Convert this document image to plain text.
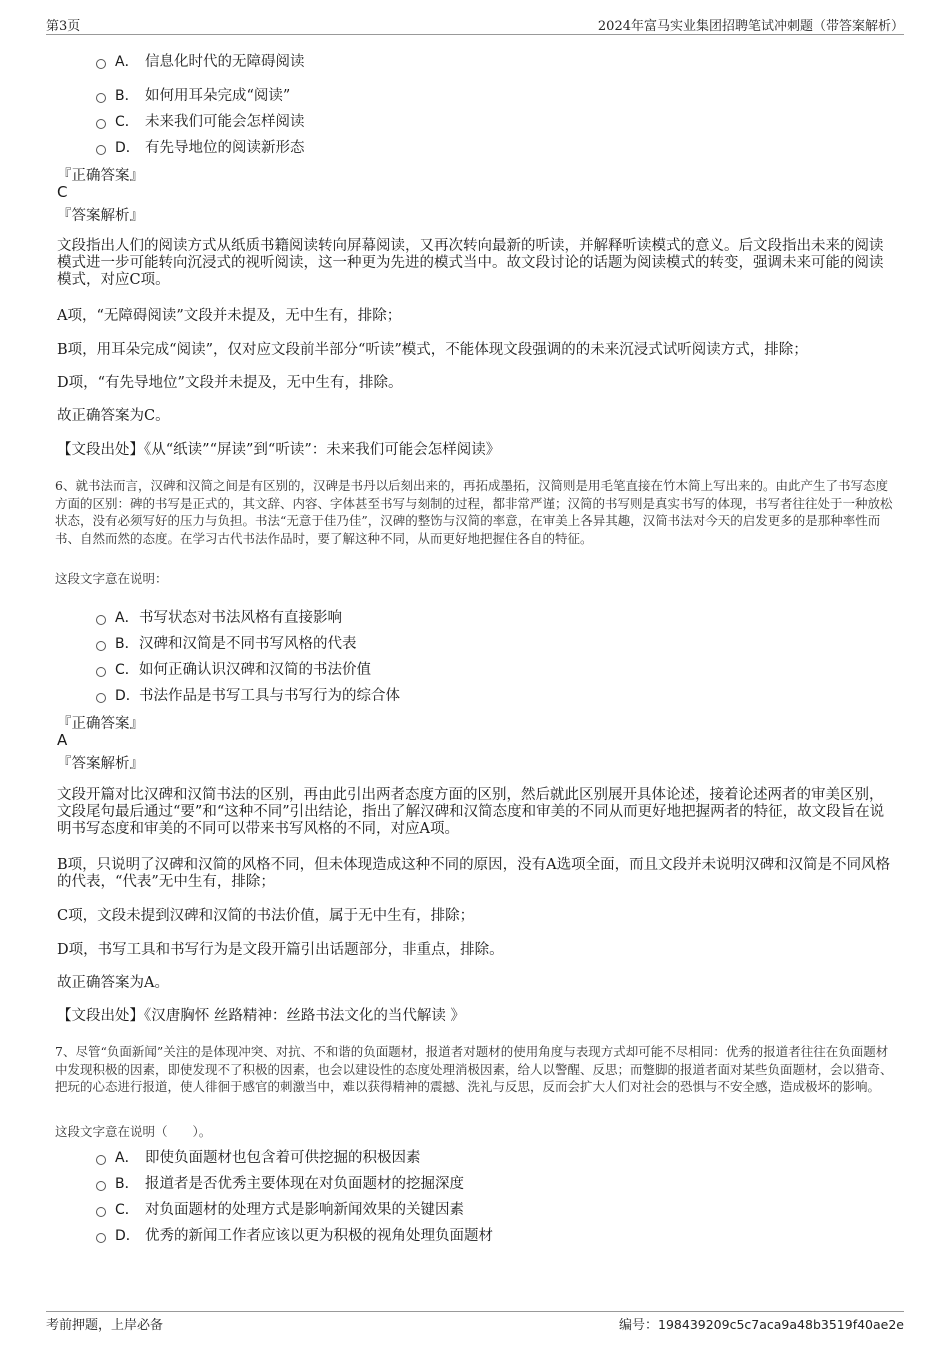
第3页	2024年富马实业集团招聘笔试冲刺题（带答案解析）
A． 信息化时代的无障碍阅读
B． 如何用耳朵完成“阅读”
C． 未来我们可能会怎样阅读
D． 有先导地位的阅读新形态
『正确答案』
C
『答案解析』
文段指出人们的阅读方式从纸质书籍阅读转向屏幕阅读，又再次转向最新的听读，并解释听读模式的意义。后文段指出未来的阅读模式进一步可能转向沉浸式的视听阅读，这一种更为先进的模式当中。故文段讨论的话题为阅读模式的转变，强调未来可能的阅读模式，对应C项。
A项，“无障碍阅读”文段并未提及，无中生有，排除；
B项，用耳朵完成“阅读”，仅对应文段前半部分“听读”模式，不能体现文段强调的的未来沉浸式试听阅读方式，排除；
D项，“有先导地位”文段并未提及，无中生有，排除。
故正确答案为C。
【文段出处】《从“纸读”“屏读”到“听读”：未来我们可能会怎样阅读》
6、就书法而言，汉碑和汉简之间是有区别的，汉碑是书丹以后刻出来的，再拓成墨拓，汉简则是用毛笔直接在竹木简上写出来的。由此产生了书写态度方面的区别：碑的书写是正式的，其文辞、内容、字体甚至书写与刻制的过程，都非常严谨；汉简的书写则是真实书写的体现，书写者往往处于一种放松状态，没有必须写好的压力与负担。书法“无意于佳乃佳”，汉碑的整饬与汉简的率意，在审美上各异其趣，汉简书法对今天的启发更多的是那种率性而书、自然而然的态度。在学习古代书法作品时，要了解这种不同，从而更好地把握住各自的特征。
这段文字意在说明：
A．书写状态对书法风格有直接影响
B．汉碑和汉简是不同书写风格的代表
C．如何正确认识汉碑和汉简的书法价值
D．书法作品是书写工具与书写行为的综合体
『正确答案』
A
『答案解析』
文段开篇对比汉碑和汉简书法的区别，再由此引出两者态度方面的区别，然后就此区别展开具体论述，接着论述两者的审美区别，文段尾句最后通过“要”和“这种不同”引出结论，指出了解汉碑和汉简态度和审美的不同从而更好地把握两者的特征，故文段旨在说明书写态度和审美的不同可以带来书写风格的不同，对应A项。
B项，只说明了汉碑和汉简的风格不同，但未体现造成这种不同的原因，没有A选项全面，而且文段并未说明汉碑和汉简是不同风格的代表，“代表”无中生有，排除；
C项，文段未提到汉碑和汉简的书法价值，属于无中生有，排除；
D项，书写工具和书写行为是文段开篇引出话题部分，非重点，排除。
故正确答案为A。
【文段出处】《汉唐胸怀 丝路精神：丝路书法文化的当代解读 》
7、尽管“负面新闻”关注的是体现冲突、对抗、不和谐的负面题材，报道者对题材的使用角度与表现方式却可能不尽相同：优秀的报道者往往在负面题材中发现积极的因素，即使发现不了积极的因素，也会以建设性的态度处理消极因素，给人以警醒、反思；而蹩脚的报道者面对某些负面题材，会以猎奇、把玩的心态进行报道，使人徘徊于感官的刺激当中，难以获得精神的震撼、洗礼与反思，反而会扩大人们对社会的恐惧与不安全感，造成极坏的影响。
这段文字意在说明（　　）。
A． 即使负面题材也包含着可供挖掘的积极因素
B． 报道者是否优秀主要体现在对负面题材的挖掘深度
C． 对负面题材的处理方式是影响新闻效果的关键因素
D． 优秀的新闻工作者应该以更为积极的视角处理负面题材
考前押题，上岸必备	编号：198439209c5c7aca9a48b3519f40ae2e
